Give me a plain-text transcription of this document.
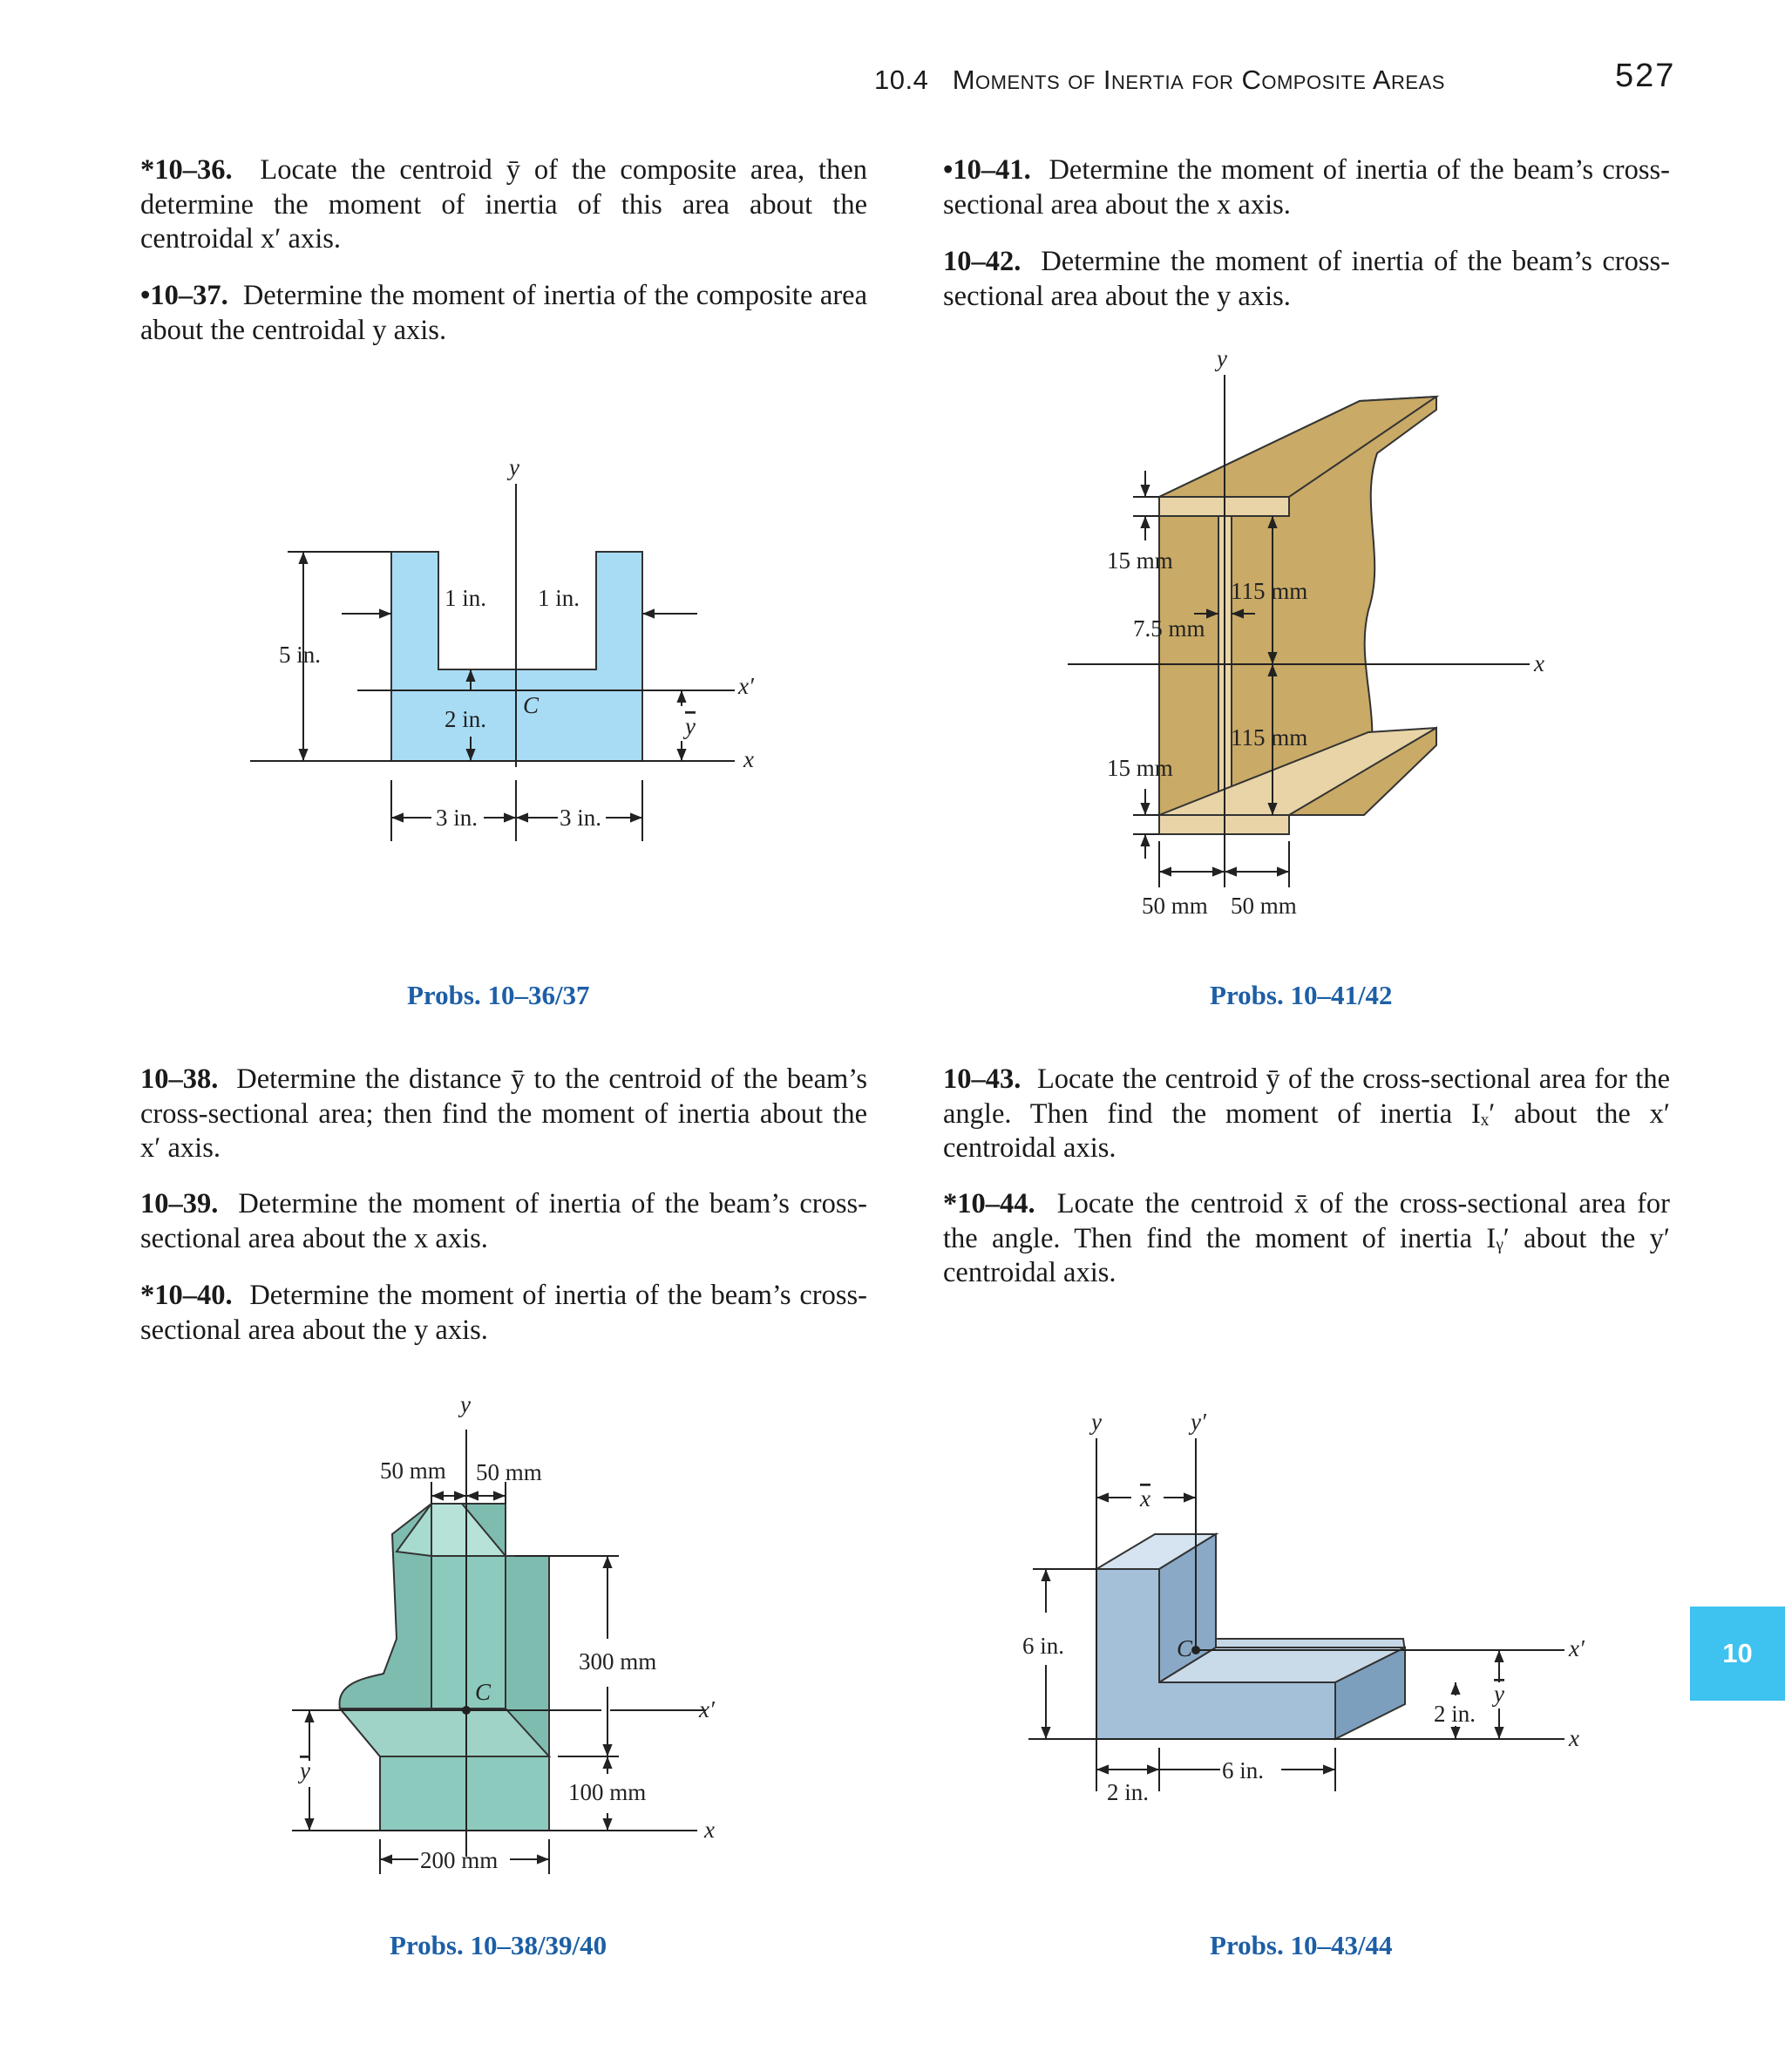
10.4 Moments of Inertia for Composite Areas	527
*10–36. Locate the centroid ȳ of the composite area, then determine the moment of inertia of this area about the centroidal x′ axis.
•10–37. Determine the moment of inertia of the composite area about the centroidal y axis.
•10–41. Determine the moment of inertia of the beam’s cross-sectional area about the x axis.
10–42. Determine the moment of inertia of the beam’s cross-sectional area about the y axis.
10–38. Determine the distance ȳ to the centroid of the beam’s cross-sectional area; then find the moment of inertia about the x′ axis.
10–39. Determine the moment of inertia of the beam’s cross-sectional area about the x axis.
*10–40. Determine the moment of inertia of the beam’s cross-sectional area about the y axis.
10–43. Locate the centroid ȳ of the cross-sectional area for the angle. Then find the moment of inertia Iₓ′ about the x′ centroidal axis.
*10–44. Locate the centroid x̄ of the cross-sectional area for the angle. Then find the moment of inertia Iᵧ′ about the y′ centroidal axis.
y
x
x′
C
y
5 in.
1 in. 1 in.
2 in.
3 in.	3 in.
Probs. 10–36/37
y
x
15 mm
15 mm
7.5 mm
115 mm
115 mm
50 mm 50 mm
Probs. 10–41/42
y
x
x′
C
y
50 mm 50 mm
300 mm
100 mm
200 mm
Probs. 10–38/39/40
y	y′
x
x′
C
x
y
6 in.
6 in.
2 in.
2 in.
Probs. 10–43/44
10
